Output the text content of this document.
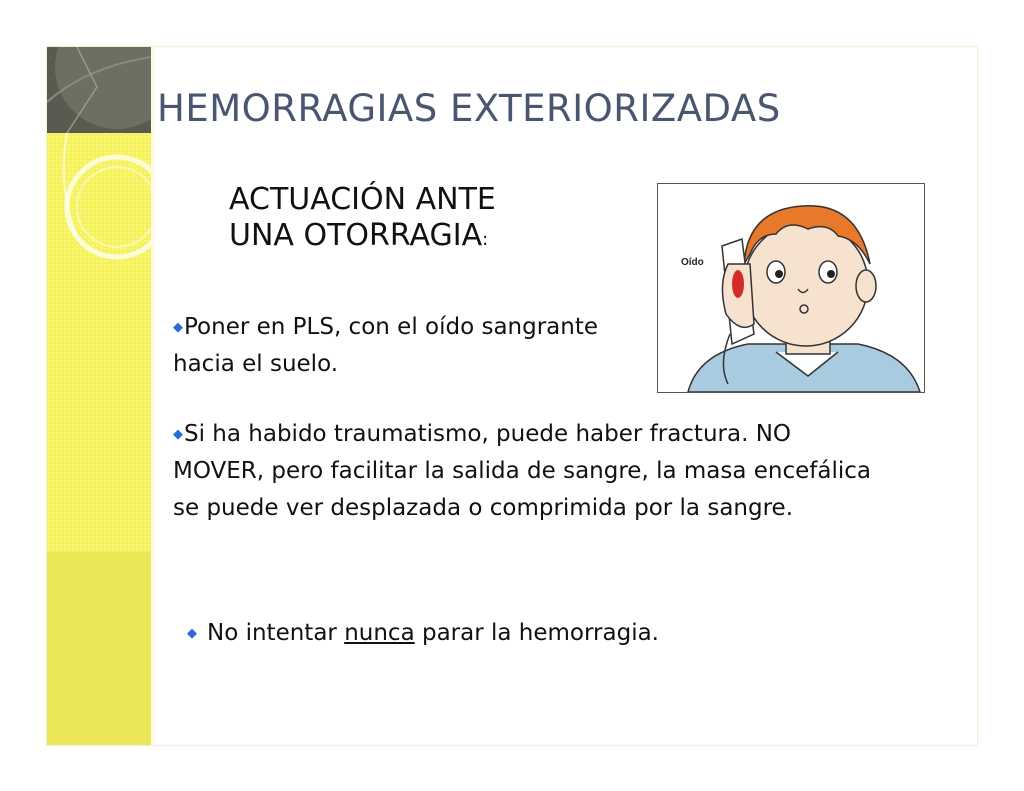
HEMORRAGIAS EXTERIORIZADAS
ACTUACIÓN ANTE
UNA OTORRAGIA:
◆Poner en PLS, con el oído sangrante hacia el suelo.
◆Si ha habido traumatismo, puede haber fractura. NO MOVER, pero facilitar la salida de sangre, la masa encefálica se puede ver desplazada o comprimida por la sangre.
◆ No intentar nunca parar la hemorragia.
Oído
